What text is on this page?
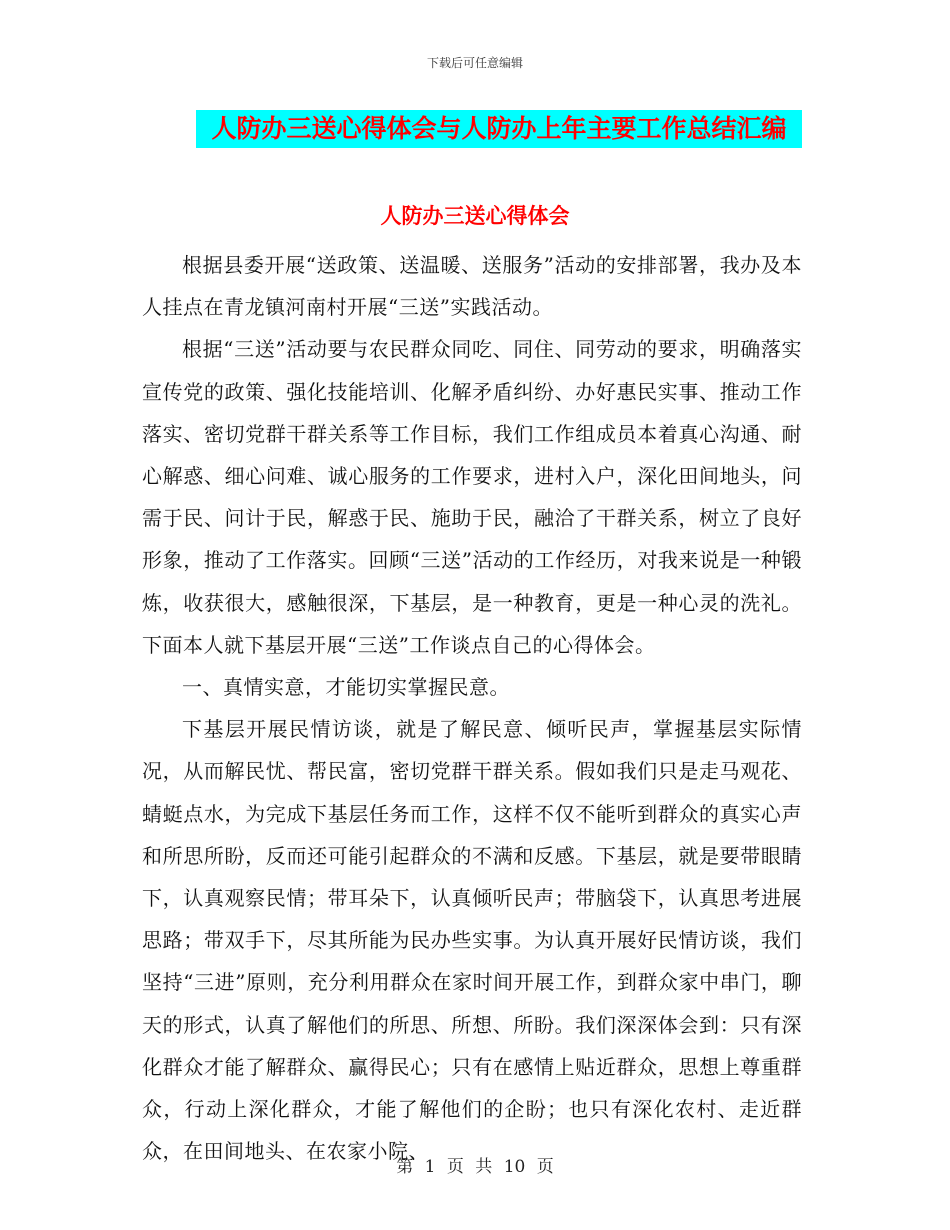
下载后可任意编辑
人防办三送心得体会与人防办上年主要工作总结汇编
人防办三送心得体会

根据县委开展“送政策、送温暖、送服务”活动的安排部署，我办及本人挂点在青龙镇河南村开展“三送”实践活动。

根据“三送”活动要与农民群众同吃、同住、同劳动的要求，明确落实宣传党的政策、强化技能培训、化解矛盾纠纷、办好惠民实事、推动工作落实、密切党群干群关系等工作目标，我们工作组成员本着真心沟通、耐心解惑、细心问难、诚心服务的工作要求，进村入户，深化田间地头，问需于民、问计于民，解惑于民、施助于民，融洽了干群关系，树立了良好形象，推动了工作落实。回顾“三送”活动的工作经历，对我来说是一种锻炼，收获很大，感触很深，下基层，是一种教育，更是一种心灵的洗礼。下面本人就下基层开展“三送”工作谈点自己的心得体会。

一、真情实意，才能切实掌握民意。

下基层开展民情访谈，就是了解民意、倾听民声，掌握基层实际情况，从而解民忧、帮民富，密切党群干群关系。假如我们只是走马观花、蜻蜓点水，为完成下基层任务而工作，这样不仅不能听到群众的真实心声和所思所盼，反而还可能引起群众的不满和反感。下基层，就是要带眼睛下，认真观察民情；带耳朵下，认真倾听民声；带脑袋下，认真思考进展思路；带双手下，尽其所能为民办些实事。为认真开展好民情访谈，我们坚持“三进”原则，充分利用群众在家时间开展工作，到群众家中串门，聊天的形式，认真了解他们的所思、所想、所盼。我们深深体会到：只有深化群众才能了解群众、赢得民心；只有在感情上贴近群众，思想上尊重群众，行动上深化群众，才能了解他们的企盼；也只有深化农村、走近群众，在田间地头、在农家小院、

第 1 页 共 10 页
